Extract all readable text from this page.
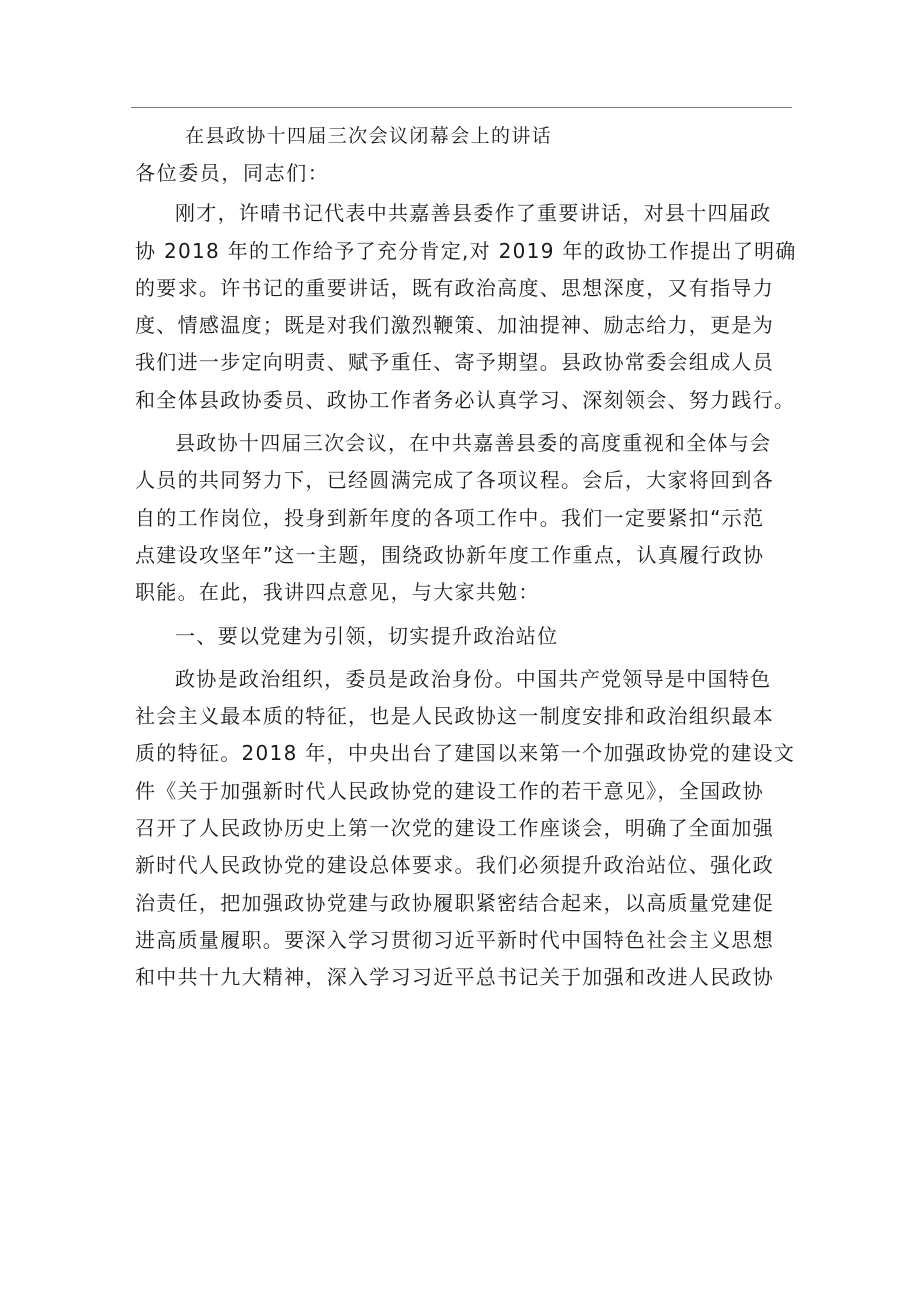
在县政协十四届三次会议闭幕会上的讲话
各位委员，同志们：
刚才，许晴书记代表中共嘉善县委作了重要讲话，对县十四届政
协 2018 年的工作给予了充分肯定,对 2019 年的政协工作提出了明确
的要求。许书记的重要讲话，既有政治高度、思想深度，又有指导力
度、情感温度；既是对我们激烈鞭策、加油提神、励志给力，更是为
我们进一步定向明责、赋予重任、寄予期望。县政协常委会组成人员
和全体县政协委员、政协工作者务必认真学习、深刻领会、努力践行。
县政协十四届三次会议，在中共嘉善县委的高度重视和全体与会
人员的共同努力下，已经圆满完成了各项议程。会后，大家将回到各
自的工作岗位，投身到新年度的各项工作中。我们一定要紧扣“示范
点建设攻坚年”这一主题，围绕政协新年度工作重点，认真履行政协
职能。在此，我讲四点意见，与大家共勉：
一、要以党建为引领，切实提升政治站位
政协是政治组织，委员是政治身份。中国共产党领导是中国特色
社会主义最本质的特征，也是人民政协这一制度安排和政治组织最本
质的特征。2018 年，中央出台了建国以来第一个加强政协党的建设文
件《关于加强新时代人民政协党的建设工作的若干意见》，全国政协
召开了人民政协历史上第一次党的建设工作座谈会，明确了全面加强
新时代人民政协党的建设总体要求。我们必须提升政治站位、强化政
治责任，把加强政协党建与政协履职紧密结合起来，以高质量党建促
进高质量履职。要深入学习贯彻习近平新时代中国特色社会主义思想
和中共十九大精神，深入学习习近平总书记关于加强和改进人民政协
